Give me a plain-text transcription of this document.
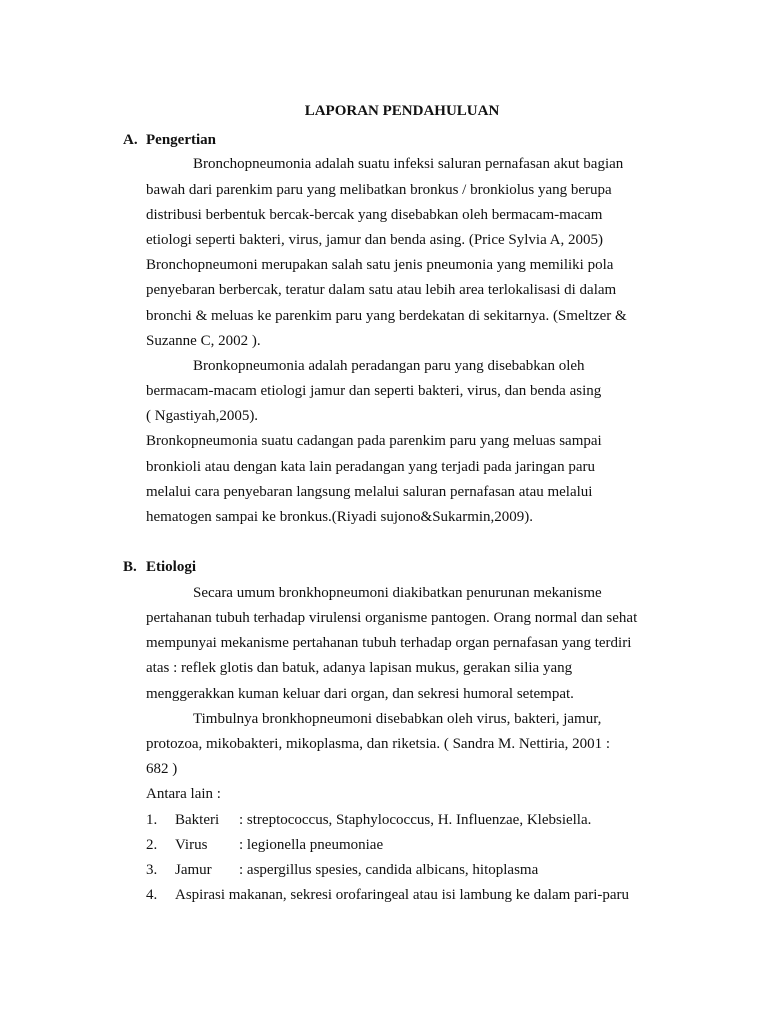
LAPORAN PENDAHULUAN
A. Pengertian
Bronchopneumonia adalah suatu infeksi saluran pernafasan akut bagian
bawah dari parenkim paru yang melibatkan bronkus / bronkiolus yang berupa
distribusi berbentuk bercak-bercak yang disebabkan oleh bermacam-macam
etiologi seperti bakteri, virus, jamur dan benda asing. (Price Sylvia A, 2005)
Bronchopneumoni merupakan salah satu jenis pneumonia yang memiliki pola
penyebaran berbercak, teratur dalam satu atau lebih area terlokalisasi di dalam
bronchi & meluas ke parenkim paru yang berdekatan di sekitarnya. (Smeltzer &
Suzanne C, 2002 ).
Bronkopneumonia adalah peradangan paru yang disebabkan oleh
bermacam-macam etiologi jamur dan seperti bakteri, virus, dan benda asing
( Ngastiyah,2005).
Bronkopneumonia suatu cadangan pada parenkim paru yang meluas sampai
bronkioli atau dengan kata lain peradangan yang terjadi pada jaringan paru
melalui cara penyebaran langsung melalui saluran pernafasan atau melalui
hematogen sampai ke bronkus.(Riyadi sujono&Sukarmin,2009).
B. Etiologi
Secara umum bronkhopneumoni diakibatkan penurunan mekanisme
pertahanan tubuh terhadap virulensi organisme pantogen. Orang normal dan sehat
mempunyai mekanisme pertahanan tubuh terhadap organ pernafasan yang terdiri
atas : reflek glotis dan batuk, adanya lapisan mukus, gerakan silia yang
menggerakkan kuman keluar dari organ, dan sekresi humoral setempat.
Timbulnya bronkhopneumoni disebabkan oleh virus, bakteri, jamur,
protozoa, mikobakteri, mikoplasma, dan riketsia. ( Sandra M. Nettiria, 2001 :
682 )
Antara lain :
1.	Bakteri : streptococcus, Staphylococcus, H. Influenzae, Klebsiella.
2.	Virus : legionella pneumoniae
3.	Jamur : aspergillus spesies, candida albicans, hitoplasma
4.	Aspirasi makanan, sekresi orofaringeal atau isi lambung ke dalam pari-paru
